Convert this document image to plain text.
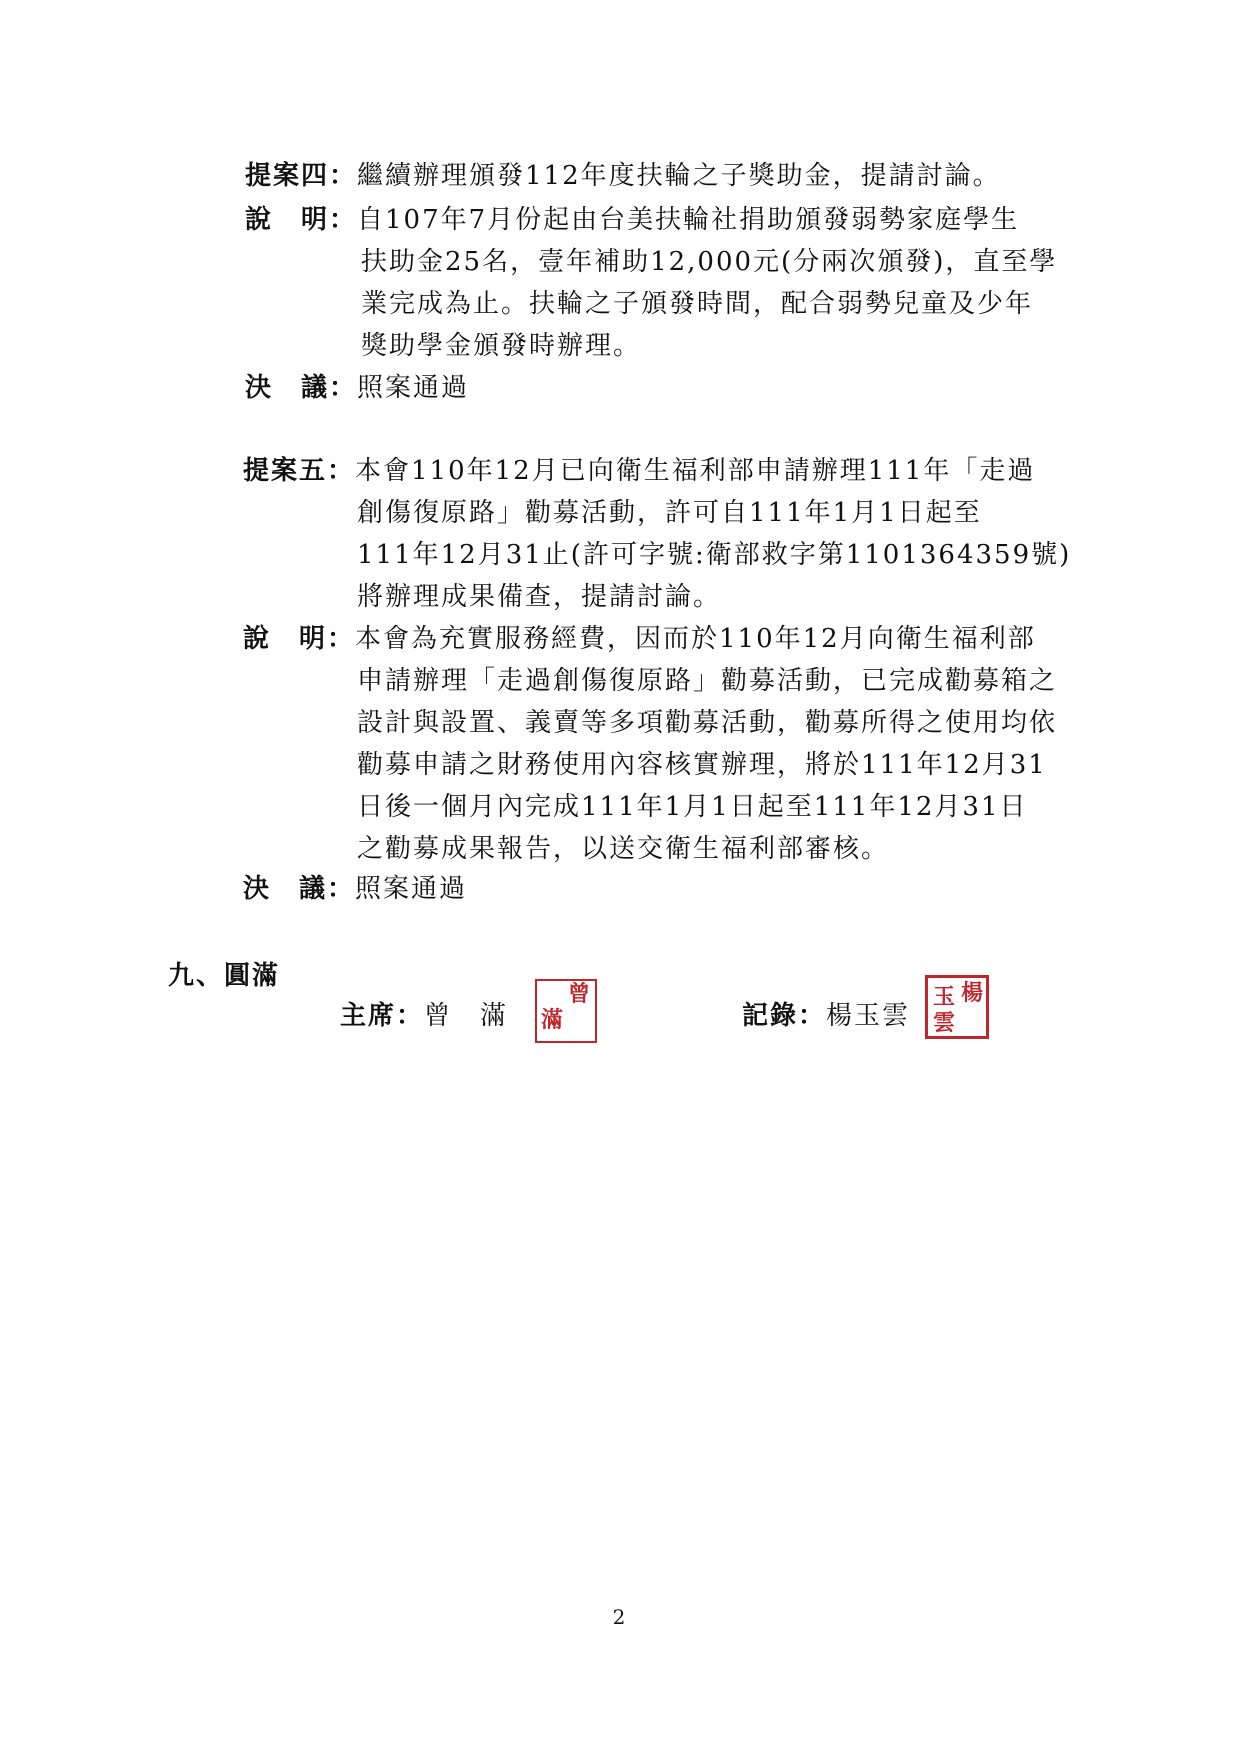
提案四：繼續辦理頒發112年度扶輪之子獎助金，提請討論。
說　明：自107年7月份起由台美扶輪社捐助頒發弱勢家庭學生
扶助金25名，壹年補助12,000元(分兩次頒發)，直至學
業完成為止。扶輪之子頒發時間，配合弱勢兒童及少年
獎助學金頒發時辦理。
決　議：照案通過
提案五：本會110年12月已向衛生福利部申請辦理111年「走過
創傷復原路」勸募活動，許可自111年1月1日起至
111年12月31止(許可字號:衛部救字第1101364359號)
將辦理成果備查，提請討論。
說　明：本會為充實服務經費，因而於110年12月向衛生福利部
申請辦理「走過創傷復原路」勸募活動，已完成勸募箱之
設計與設置、義賣等多項勸募活動，勸募所得之使用均依
勸募申請之財務使用內容核實辦理，將於111年12月31
日後一個月內完成111年1月1日起至111年12月31日
之勸募成果報告，以送交衛生福利部審核。
決　議：照案通過
九、圓滿
主席：曾　滿
曾
滿	記錄：楊玉雲
楊
玉
雲
2
